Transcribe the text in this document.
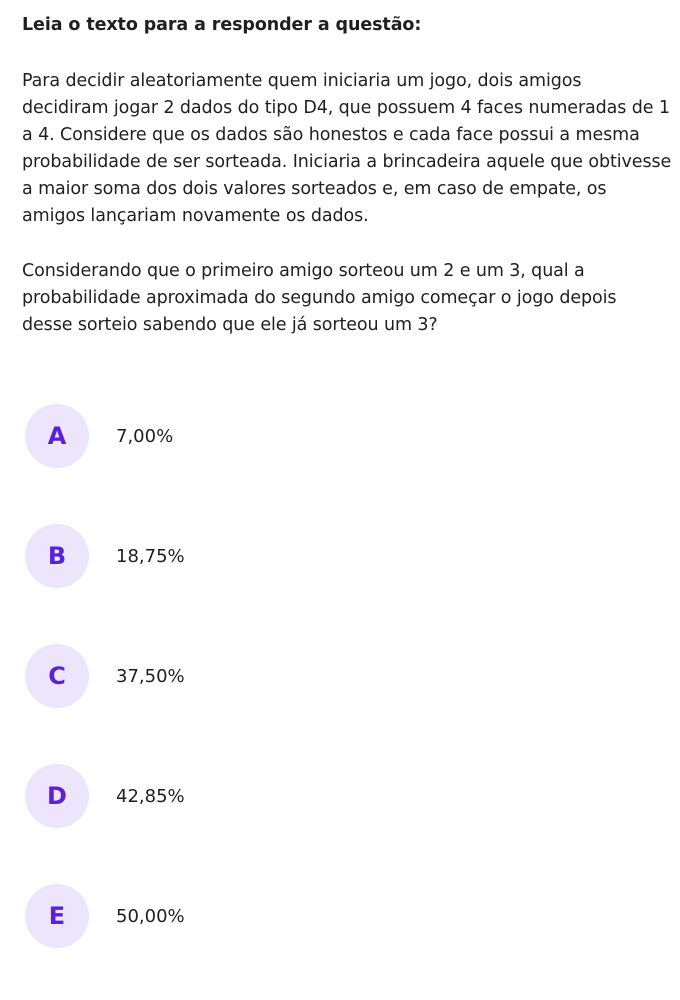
Leia o texto para a responder a questão:

Para decidir aleatoriamente quem iniciaria um jogo, dois amigos decidiram jogar 2 dados do tipo D4, que possuem 4 faces numeradas de 1 a 4. Considere que os dados são honestos e cada face possui a mesma probabilidade de ser sorteada. Iniciaria a brincadeira aquele que obtivesse a maior soma dos dois valores sorteados e, em caso de empate, os amigos lançariam novamente os dados.

Considerando que o primeiro amigo sorteou um 2 e um 3, qual a probabilidade aproximada do segundo amigo começar o jogo depois desse sorteio sabendo que ele já sorteou um 3?

A	7,00%
B	18,75%
C	37,50%
D	42,85%
E	50,00%
